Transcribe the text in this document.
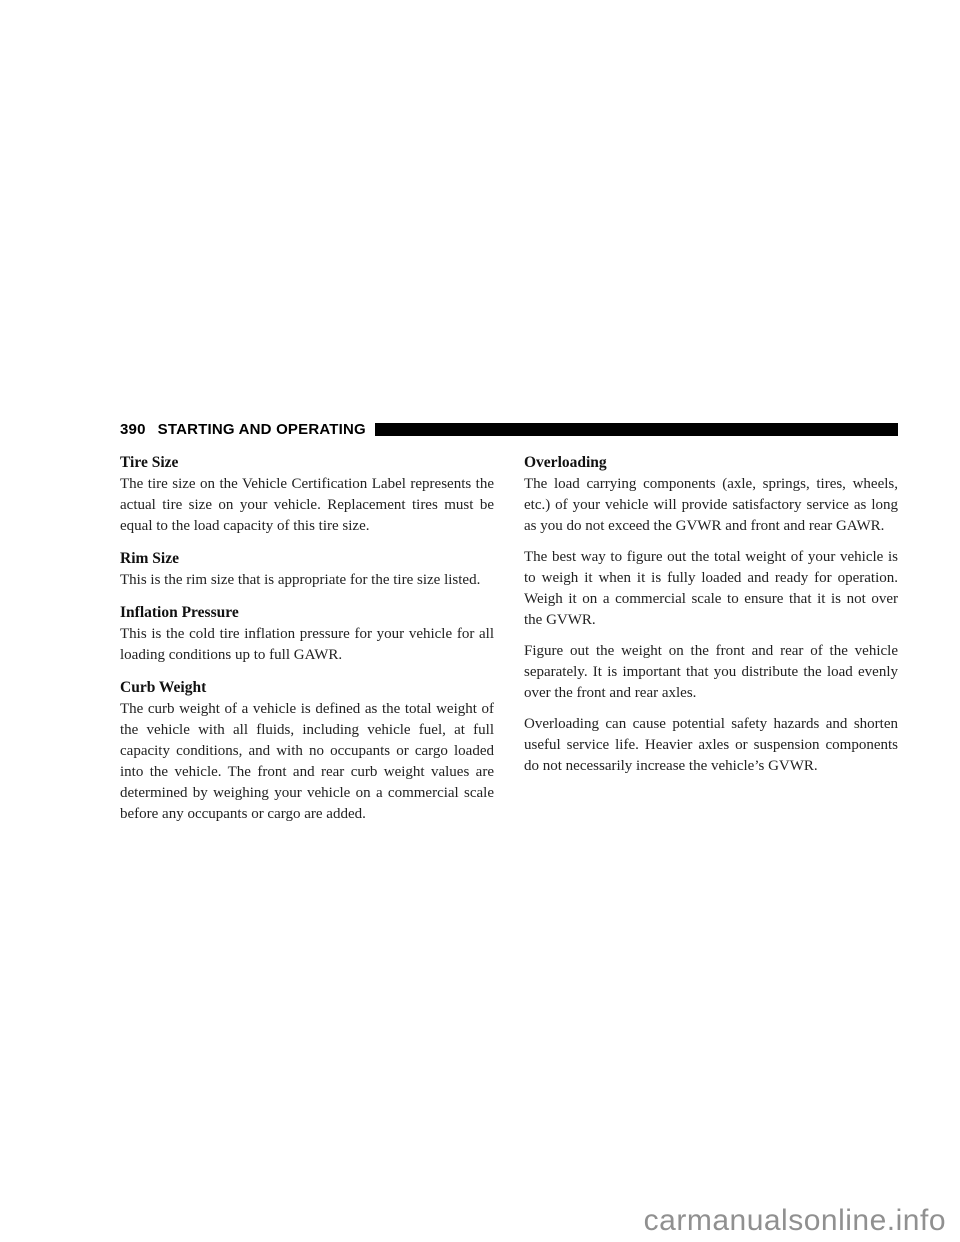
390 STARTING AND OPERATING
Tire Size

The tire size on the Vehicle Certification Label represents the actual tire size on your vehicle. Replacement tires must be equal to the load capacity of this tire size.

Rim Size

This is the rim size that is appropriate for the tire size listed.

Inflation Pressure

This is the cold tire inflation pressure for your vehicle for all loading conditions up to full GAWR.

Curb Weight

The curb weight of a vehicle is defined as the total weight of the vehicle with all fluids, including vehicle fuel, at full capacity conditions, and with no occupants or cargo loaded into the vehicle. The front and rear curb weight values are determined by weighing your vehicle on a commercial scale before any occupants or cargo are added.

Overloading

The load carrying components (axle, springs, tires, wheels, etc.) of your vehicle will provide satisfactory service as long as you do not exceed the GVWR and front and rear GAWR.

The best way to figure out the total weight of your vehicle is to weigh it when it is fully loaded and ready for operation. Weigh it on a commercial scale to ensure that it is not over the GVWR.

Figure out the weight on the front and rear of the vehicle separately. It is important that you distribute the load evenly over the front and rear axles.

Overloading can cause potential safety hazards and shorten useful service life. Heavier axles or suspension components do not necessarily increase the vehicle’s GVWR.

carmanualsonline.info
